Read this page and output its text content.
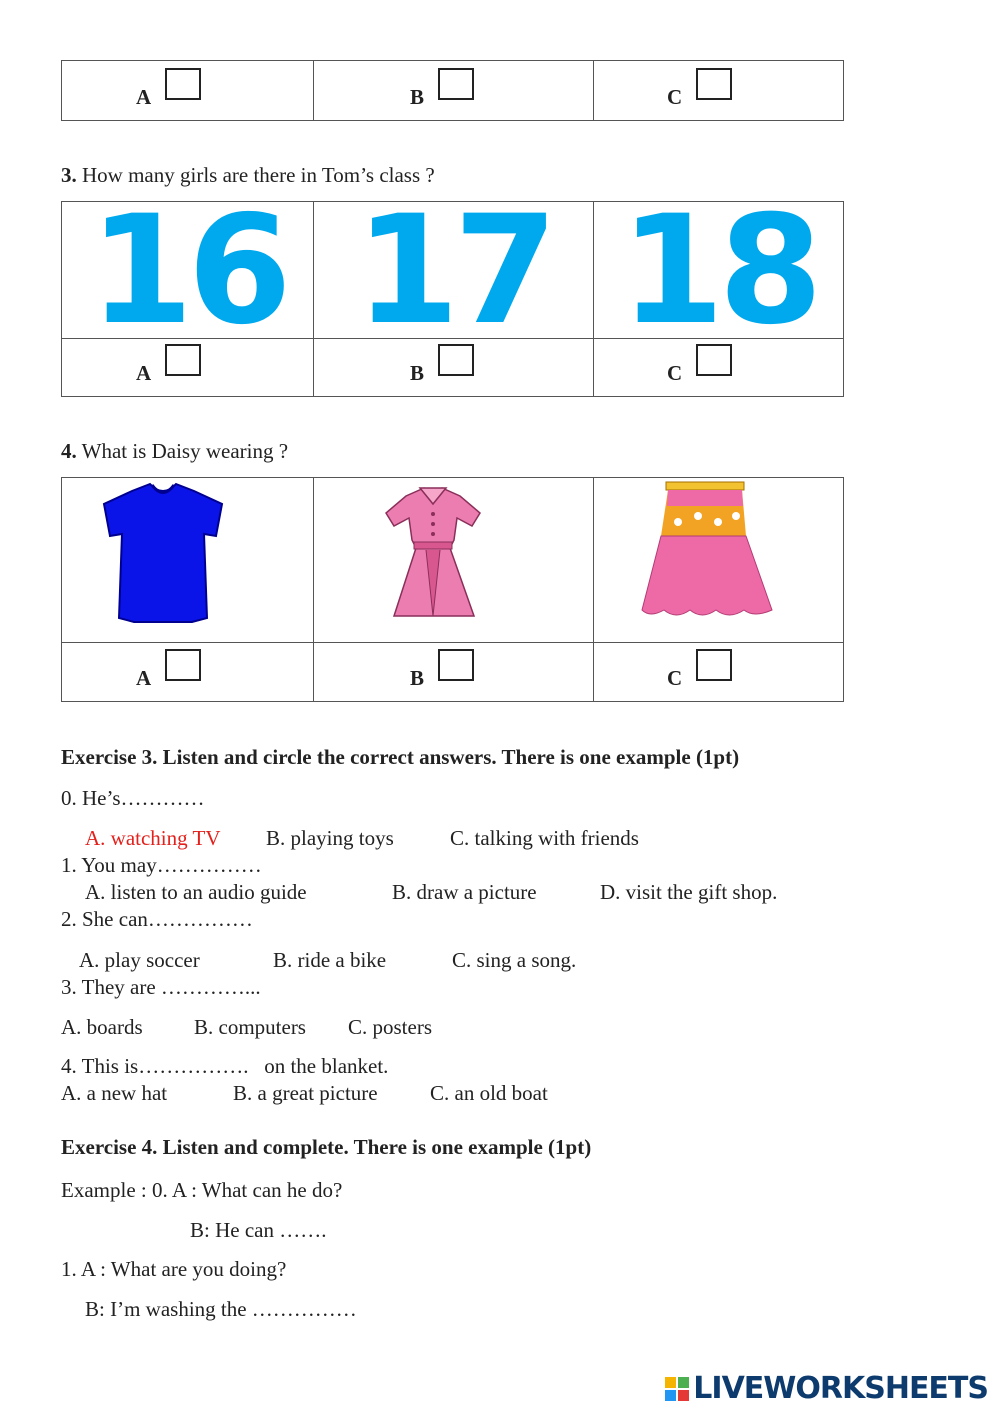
A	B	C
3. How many girls are there in Tom’s class ?
16 17 18
A	B	C
4. What is Daisy wearing ?
A	B	C
Exercise 3. Listen and circle the correct answers. There is one example (1pt)
0. He’s…………
A. watching TV B. playing toys	C. talking with friends
1. You may……………
A. listen to an audio guide	B. draw a picture	D. visit the gift shop.
2. She can……………
A. play soccer	B. ride a bike	C. sing a song.
3. They are …………...
A. boards B. computers C. posters
4. This is…………….   on the blanket.
A. a new hat	B. a great picture C. an old boat
Exercise 4. Listen and complete. There is one example (1pt)
Example : 0. A : What can he do?
B: He can …….
1. A : What are you doing?
B: I’m washing the ……………
LIVEWORKSHEETS
